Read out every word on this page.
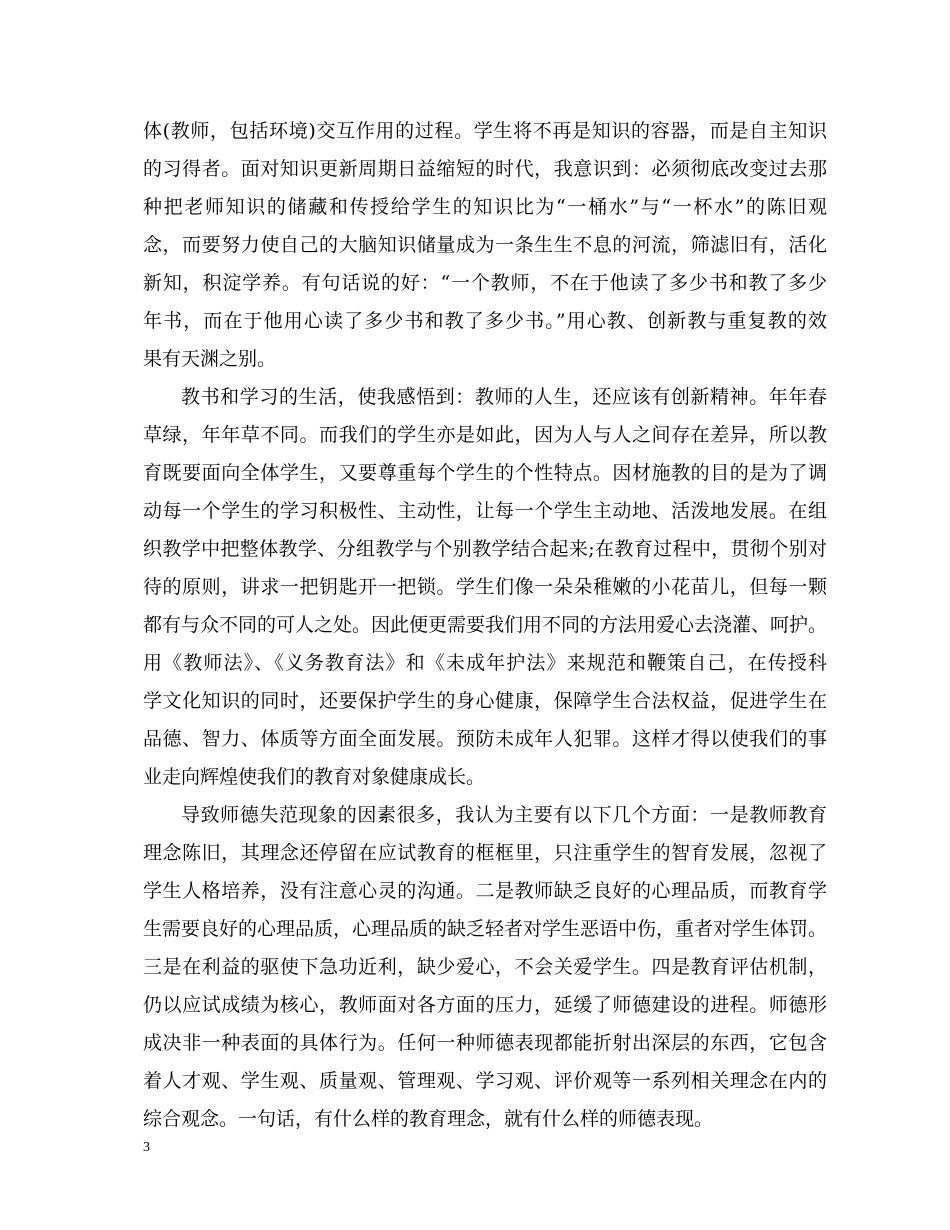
体(教师，包括环境)交互作用的过程。学生将不再是知识的容器，而是自主知识
的习得者。面对知识更新周期日益缩短的时代，我意识到：必须彻底改变过去那
种把老师知识的储藏和传授给学生的知识比为“一桶水”与“一杯水”的陈旧观
念，而要努力使自己的大脑知识储量成为一条生生不息的河流，筛滤旧有，活化
新知，积淀学养。有句话说的好：“一个教师，不在于他读了多少书和教了多少
年书，而在于他用心读了多少书和教了多少书。”用心教、创新教与重复教的效
果有天渊之别。
教书和学习的生活，使我感悟到：教师的人生，还应该有创新精神。年年春
草绿，年年草不同。而我们的学生亦是如此，因为人与人之间存在差异，所以教
育既要面向全体学生，又要尊重每个学生的个性特点。因材施教的目的是为了调
动每一个学生的学习积极性、主动性，让每一个学生主动地、活泼地发展。在组
织教学中把整体教学、分组教学与个别教学结合起来;在教育过程中，贯彻个别对
待的原则，讲求一把钥匙开一把锁。学生们像一朵朵稚嫩的小花苗儿，但每一颗
都有与众不同的可人之处。因此便更需要我们用不同的方法用爱心去浇灌、呵护。
用《教师法》、《义务教育法》和《未成年护法》来规范和鞭策自己，在传授科
学文化知识的同时，还要保护学生的身心健康，保障学生合法权益，促进学生在
品德、智力、体质等方面全面发展。预防未成年人犯罪。这样才得以使我们的事
业走向辉煌使我们的教育对象健康成长。
导致师德失范现象的因素很多，我认为主要有以下几个方面：一是教师教育
理念陈旧，其理念还停留在应试教育的框框里，只注重学生的智育发展，忽视了
学生人格培养，没有注意心灵的沟通。二是教师缺乏良好的心理品质，而教育学
生需要良好的心理品质，心理品质的缺乏轻者对学生恶语中伤，重者对学生体罚。
三是在利益的驱使下急功近利，缺少爱心，不会关爱学生。四是教育评估机制，
仍以应试成绩为核心，教师面对各方面的压力，延缓了师德建设的进程。师德形
成决非一种表面的具体行为。任何一种师德表现都能折射出深层的东西，它包含
着人才观、学生观、质量观、管理观、学习观、评价观等一系列相关理念在内的
综合观念。一句话，有什么样的教育理念，就有什么样的师德表现。
3
